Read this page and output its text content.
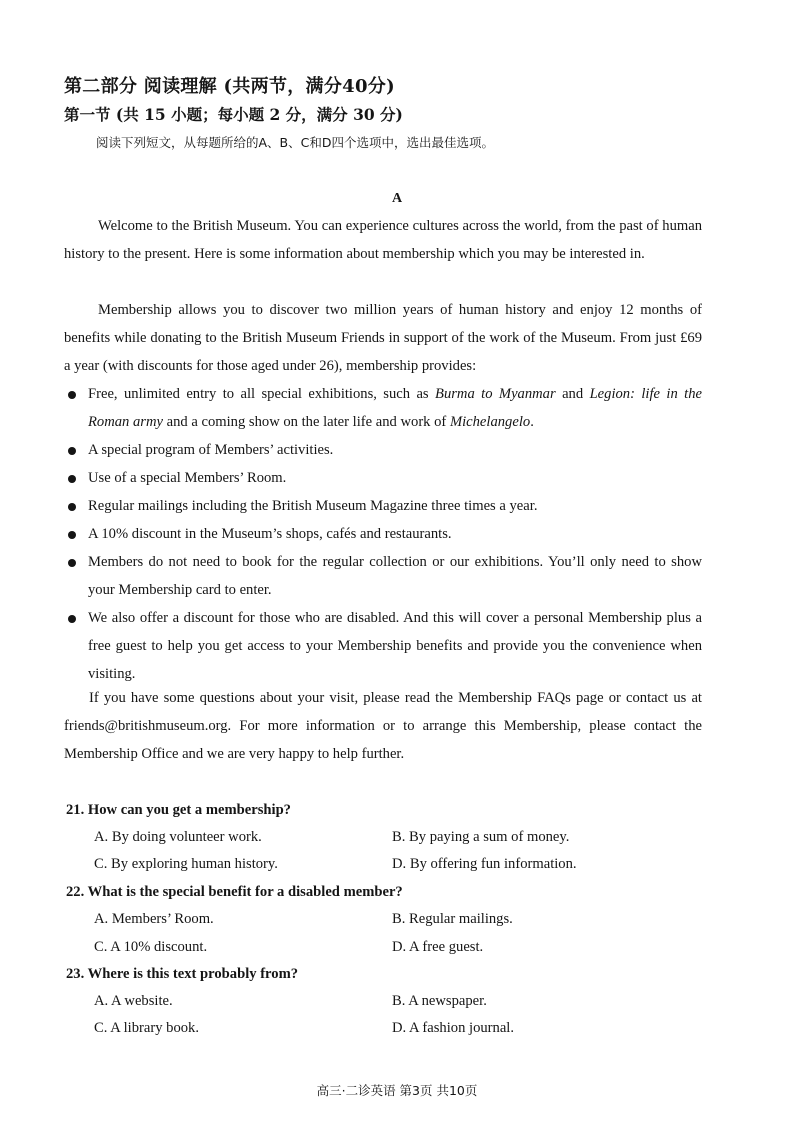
第二部分 阅读理解 (共两节，满分40分)
第一节 (共 15 小题；每小题 2 分，满分 30 分)
阅读下列短文，从每题所给的A、B、C和D四个选项中，选出最佳选项。
A
Welcome to the British Museum. You can experience cultures across the world, from the past of human history to the present. Here is some information about membership which you may be interested in.
Membership allows you to discover two million years of human history and enjoy 12 months of benefits while donating to the British Museum Friends in support of the work of the Museum. From just £69 a year (with discounts for those aged under 26), membership provides:
Free, unlimited entry to all special exhibitions, such as Burma to Myanmar and Legion: life in the Roman army and a coming show on the later life and work of Michelangelo.
A special program of Members’ activities.
Use of a special Members’ Room.
Regular mailings including the British Museum Magazine three times a year.
A 10% discount in the Museum’s shops, cafés and restaurants.
Members do not need to book for the regular collection or our exhibitions. You’ll only need to show your Membership card to enter.
We also offer a discount for those who are disabled. And this will cover a personal Membership plus a free guest to help you get access to your Membership benefits and provide you the convenience when visiting.
If you have some questions about your visit, please read the Membership FAQs page or contact us at friends@britishmuseum.org. For more information or to arrange this Membership, please contact the Membership Office and we are very happy to help further.
21. How can you get a membership?
A. By doing volunteer work.	B. By paying a sum of money.
C. By exploring human history.	D. By offering fun information.
22. What is the special benefit for a disabled member?
A. Members’ Room.	B. Regular mailings.
C. A 10% discount.	D. A free guest.
23. Where is this text probably from?
A. A website.	B. A newspaper.
C. A library book.	D. A fashion journal.
高三·二诊英语 第3页 共10页
